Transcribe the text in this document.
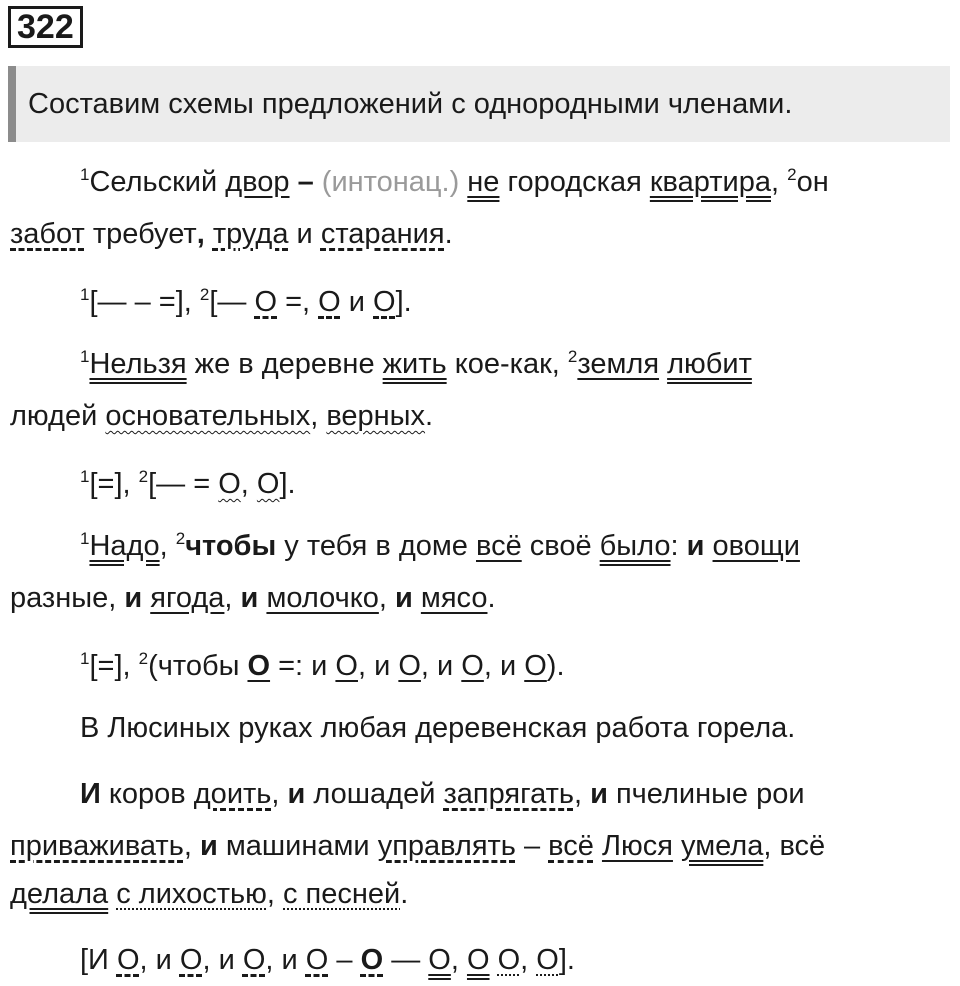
322
Составим схемы предложений с однородными членами.
$^1$Сельский двор – (интонац.) не городская квартира, $^2$он
забот требует, труда и старания.
$^1$[— – =], $^2$[— О =, О и О].
$^1$Нельзя же в деревне жить кое-как, $^2$земля любит
людей основательных, верных.
$^1$[=], $^2$[— = О, О].
$^1$Надо, $^2$чтобы у тебя в доме всё своё было: и овощи
разные, и ягода, и молочко, и мясо.
$^1$[=], $^2$(чтобы О =: и О, и О, и О, и О).
В Люсиных руках любая деревенская работа горела.
И коров доить, и лошадей запрягать, и пчелиные рои
приваживать, и машинами управлять – всё Люся умела, всё
делала с лихостью, с песней.
[И О, и О, и О, и О – О — О, О О, О].
